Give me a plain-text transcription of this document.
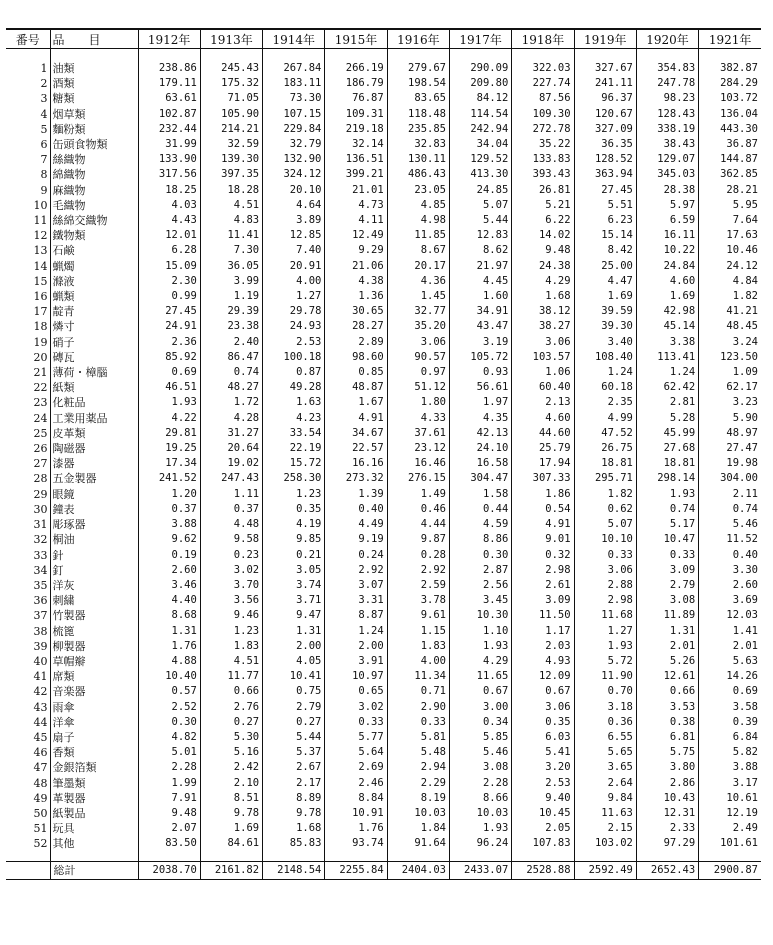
番号	品　　目	1912年	1913年	1914年	1915年	1916年	1917年	1918年	1919年	1920年	1921年

1	油類	238.86	245.43	267.84	266.19	279.67	290.09	322.03	327.67	354.83	382.87
2	酒類	179.11	175.32	183.11	186.79	198.54	209.80	227.74	241.11	247.78	284.29
3	糖類	63.61	71.05	73.30	76.87	83.65	84.12	87.56	96.37	98.23	103.72
4	烟草類	102.87	105.90	107.15	109.31	118.48	114.54	109.30	120.67	128.43	136.04
5	麵粉類	232.44	214.21	229.84	219.18	235.85	242.94	272.78	327.09	338.19	443.30
6	缶頭食物類	31.99	32.59	32.79	32.14	32.83	34.04	35.22	36.35	38.43	36.87
7	絲織物	133.90	139.30	132.90	136.51	130.11	129.52	133.83	128.52	129.07	144.87
8	綿織物	317.56	397.35	324.12	399.21	486.43	413.30	393.43	363.94	345.03	362.85
9	麻織物	18.25	18.28	20.10	21.01	23.05	24.85	26.81	27.45	28.38	28.21
10	毛織物	4.03	4.51	4.64	4.73	4.85	5.07	5.21	5.51	5.97	5.95
11	絲綿交織物	4.43	4.83	3.89	4.11	4.98	5.44	6.22	6.23	6.59	7.64
12	鐵物類	12.01	11.41	12.85	12.49	11.85	12.83	14.02	15.14	16.11	17.63
13	石鹸	6.28	7.30	7.40	9.29	8.67	8.62	9.48	8.42	10.22	10.46
14	蝋燭	15.09	36.05	20.91	21.06	20.17	21.97	24.38	25.00	24.84	24.12
15	滌液	2.30	3.99	4.00	4.38	4.36	4.45	4.29	4.47	4.60	4.84
16	蝋類	0.99	1.19	1.27	1.36	1.45	1.60	1.68	1.69	1.69	1.82
17	靛青	27.45	29.39	29.78	30.65	32.77	34.91	38.12	39.59	42.98	41.21
18	燐寸	24.91	23.38	24.93	28.27	35.20	43.47	38.27	39.30	45.14	48.45
19	硝子	2.36	2.40	2.53	2.89	3.06	3.19	3.06	3.40	3.38	3.24
20	磚瓦	85.92	86.47	100.18	98.60	90.57	105.72	103.57	108.40	113.41	123.50
21	薄荷・樟腦	0.69	0.74	0.87	0.85	0.97	0.93	1.06	1.24	1.24	1.09
22	紙類	46.51	48.27	49.28	48.87	51.12	56.61	60.40	60.18	62.42	62.17
23	化粧品	1.93	1.72	1.63	1.67	1.80	1.97	2.13	2.35	2.81	3.23
24	工業用薬品	4.22	4.28	4.23	4.91	4.33	4.35	4.60	4.99	5.28	5.90
25	皮革類	29.81	31.27	33.54	34.67	37.61	42.13	44.60	47.52	45.99	48.97
26	陶磁器	19.25	20.64	22.19	22.57	23.12	24.10	25.79	26.75	27.68	27.47
27	漆器	17.34	19.02	15.72	16.16	16.46	16.58	17.94	18.81	18.81	19.98
28	五金製器	241.52	247.43	258.30	273.32	276.15	304.47	307.33	295.71	298.14	304.00
29	眼鏡	1.20	1.11	1.23	1.39	1.49	1.58	1.86	1.82	1.93	2.11
30	鐘表	0.37	0.37	0.35	0.40	0.46	0.44	0.54	0.62	0.74	0.74
31	彫琢器	3.88	4.48	4.19	4.49	4.44	4.59	4.91	5.07	5.17	5.46
32	桐油	9.62	9.58	9.85	9.19	9.87	8.86	9.01	10.10	10.47	11.52
33	針	0.19	0.23	0.21	0.24	0.28	0.30	0.32	0.33	0.33	0.40
34	釘	2.60	3.02	3.05	2.92	2.92	2.87	2.98	3.06	3.09	3.30
35	洋灰	3.46	3.70	3.74	3.07	2.59	2.56	2.61	2.88	2.79	2.60
36	刺繍	4.40	3.56	3.71	3.31	3.78	3.45	3.09	2.98	3.08	3.69
37	竹製器	8.68	9.46	9.47	8.87	9.61	10.30	11.50	11.68	11.89	12.03
38	梳篦	1.31	1.23	1.31	1.24	1.15	1.10	1.17	1.27	1.31	1.41
39	柳製器	1.76	1.83	2.00	2.00	1.83	1.93	2.03	1.93	2.01	2.01
40	草帽辮	4.88	4.51	4.05	3.91	4.00	4.29	4.93	5.72	5.26	5.63
41	席類	10.40	11.77	10.41	10.97	11.34	11.65	12.09	11.90	12.61	14.26
42	音楽器	0.57	0.66	0.75	0.65	0.71	0.67	0.67	0.70	0.66	0.69
43	雨傘	2.52	2.76	2.79	3.02	2.90	3.00	3.06	3.18	3.53	3.58
44	洋傘	0.30	0.27	0.27	0.33	0.33	0.34	0.35	0.36	0.38	0.39
45	扇子	4.82	5.30	5.44	5.77	5.81	5.85	6.03	6.55	6.81	6.84
46	香類	5.01	5.16	5.37	5.64	5.48	5.46	5.41	5.65	5.75	5.82
47	金銀箔類	2.28	2.42	2.67	2.69	2.94	3.08	3.20	3.65	3.80	3.88
48	筆墨類	1.99	2.10	2.17	2.46	2.29	2.28	2.53	2.64	2.86	3.17
49	革製器	7.91	8.51	8.89	8.84	8.19	8.66	9.40	9.84	10.43	10.61
50	紙製品	9.48	9.78	9.78	10.91	10.03	10.03	10.45	11.63	12.31	12.19
51	玩具	2.07	1.69	1.68	1.76	1.84	1.93	2.05	2.15	2.33	2.49
52	其他	83.50	84.61	85.83	93.74	91.64	96.24	107.83	103.02	97.29	101.61

	総計	2038.70	2161.82	2148.54	2255.84	2404.03	2433.07	2528.88	2592.49	2652.43	2900.87
